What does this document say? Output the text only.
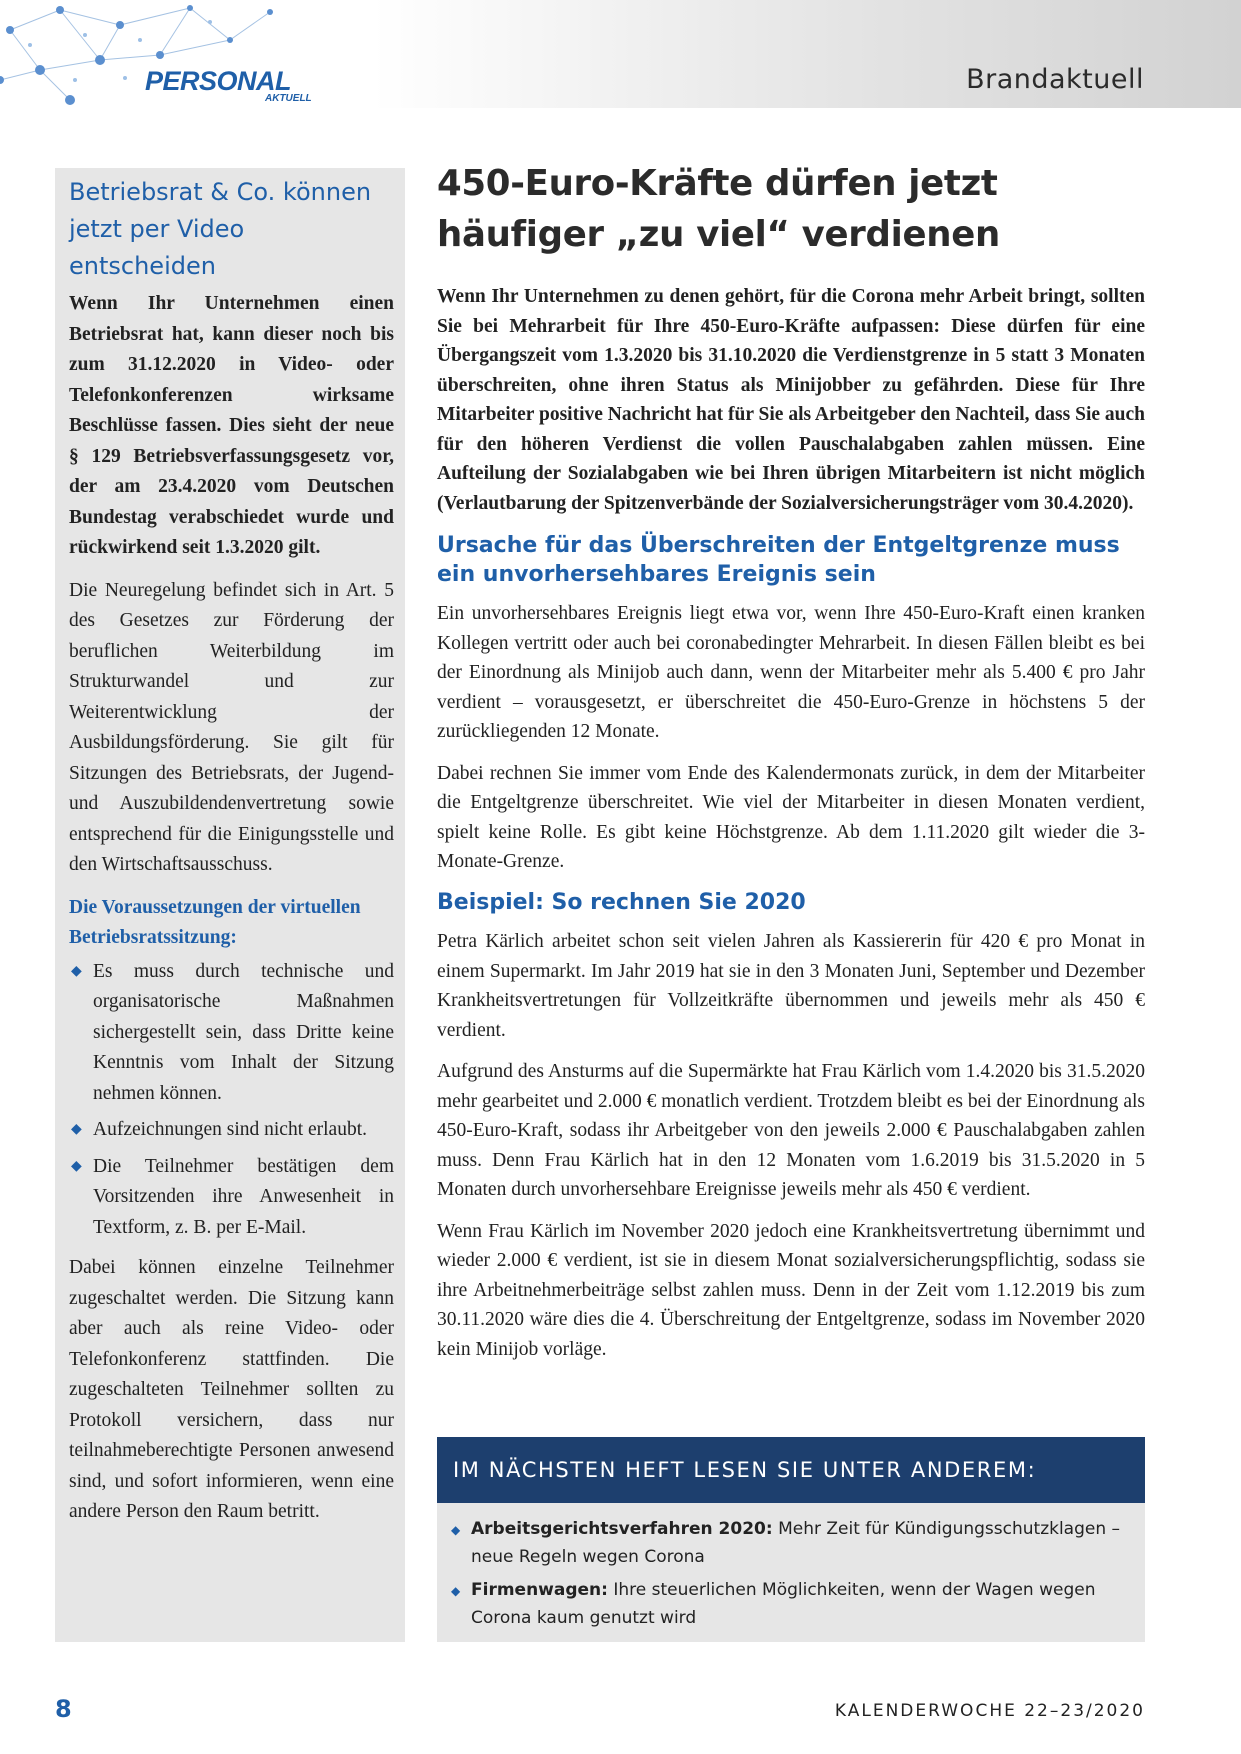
PERSONAL
AKTUELL
Brandaktuell
Betriebsrat & Co. können jetzt per Video entscheiden

Wenn Ihr Unternehmen einen Betriebsrat hat, kann dieser noch bis zum 31.12.2020 in Video- oder Telefonkonferenzen wirksame Beschlüsse fassen. Dies sieht der neue § 129 Betriebsverfassungsgesetz vor, der am 23.4.2020 vom Deutschen Bundestag verabschiedet wurde und rückwirkend seit 1.3.2020 gilt.

Die Neuregelung befindet sich in Art. 5 des Gesetzes zur Förderung der beruflichen Weiterbildung im Strukturwandel und zur Weiterentwicklung der Ausbildungsförderung. Sie gilt für Sitzungen des Betriebsrats, der Jugend- und Auszubildendenvertretung sowie entsprechend für die Einigungsstelle und den Wirtschaftsausschuss.

Die Voraussetzungen der virtuellen Betriebsratssitzung:
◆ Es muss durch technische und organisatorische Maßnahmen sichergestellt sein, dass Dritte keine Kenntnis vom Inhalt der Sitzung nehmen können.
◆ Aufzeichnungen sind nicht erlaubt.
◆ Die Teilnehmer bestätigen dem Vorsitzenden ihre Anwesenheit in Textform, z. B. per E-Mail.

Dabei können einzelne Teilnehmer zugeschaltet werden. Die Sitzung kann aber auch als reine Video- oder Telefonkonferenz stattfinden. Die zugeschalteten Teilnehmer sollten zu Protokoll versichern, dass nur teilnahmeberechtigte Personen anwesend sind, und sofort informieren, wenn eine andere Person den Raum betritt.

450-Euro-Kräfte dürfen jetzt häufiger „zu viel“ verdienen

Wenn Ihr Unternehmen zu denen gehört, für die Corona mehr Arbeit bringt, sollten Sie bei Mehrarbeit für Ihre 450-Euro-Kräfte aufpassen: Diese dürfen für eine Übergangszeit vom 1.3.2020 bis 31.10.2020 die Verdienstgrenze in 5 statt 3 Monaten überschreiten, ohne ihren Status als Minijobber zu gefährden. Diese für Ihre Mitarbeiter positive Nachricht hat für Sie als Arbeitgeber den Nachteil, dass Sie auch für den höheren Verdienst die vollen Pauschalabgaben zahlen müssen. Eine Aufteilung der Sozialabgaben wie bei Ihren übrigen Mitarbeitern ist nicht möglich (Verlautbarung der Spitzenverbände der Sozialversicherungsträger vom 30.4.2020).

Ursache für das Überschreiten der Entgeltgrenze muss ein unvorhersehbares Ereignis sein

Ein unvorhersehbares Ereignis liegt etwa vor, wenn Ihre 450-Euro-Kraft einen kranken Kollegen vertritt oder auch bei coronabedingter Mehrarbeit. In diesen Fällen bleibt es bei der Einordnung als Minijob auch dann, wenn der Mitarbeiter mehr als 5.400 € pro Jahr verdient – vorausgesetzt, er überschreitet die 450-Euro-Grenze in höchstens 5 der zurückliegenden 12 Monate.

Dabei rechnen Sie immer vom Ende des Kalendermonats zurück, in dem der Mitarbeiter die Entgeltgrenze überschreitet. Wie viel der Mitarbeiter in diesen Monaten verdient, spielt keine Rolle. Es gibt keine Höchstgrenze. Ab dem 1.11.2020 gilt wieder die 3-Monate-Grenze.

Beispiel: So rechnen Sie 2020

Petra Kärlich arbeitet schon seit vielen Jahren als Kassiererin für 420 € pro Monat in einem Supermarkt. Im Jahr 2019 hat sie in den 3 Monaten Juni, September und Dezember Krankheitsvertretungen für Vollzeitkräfte übernommen und jeweils mehr als 450 € verdient.

Aufgrund des Ansturms auf die Supermärkte hat Frau Kärlich vom 1.4.2020 bis 31.5.2020 mehr gearbeitet und 2.000 € monatlich verdient. Trotzdem bleibt es bei der Einordnung als 450-Euro-Kraft, sodass ihr Arbeitgeber von den jeweils 2.000 € Pauschalabgaben zahlen muss. Denn Frau Kärlich hat in den 12 Monaten vom 1.6.2019 bis 31.5.2020 in 5 Monaten durch unvorhersehbare Ereignisse jeweils mehr als 450 € verdient.

Wenn Frau Kärlich im November 2020 jedoch eine Krankheitsvertretung übernimmt und wieder 2.000 € verdient, ist sie in diesem Monat sozialversicherungspflichtig, sodass sie ihre Arbeitnehmerbeiträge selbst zahlen muss. Denn in der Zeit vom 1.12.2019 bis zum 30.11.2020 wäre dies die 4. Überschreitung der Entgeltgrenze, sodass im November 2020 kein Minijob vorläge.

IM NÄCHSTEN HEFT LESEN SIE UNTER ANDEREM:
◆ Arbeitsgerichtsverfahren 2020: Mehr Zeit für Kündigungsschutzklagen – neue Regeln wegen Corona
◆ Firmenwagen: Ihre steuerlichen Möglichkeiten, wenn der Wagen wegen Corona kaum genutzt wird
8	KALENDERWOCHE 22–23/2020
